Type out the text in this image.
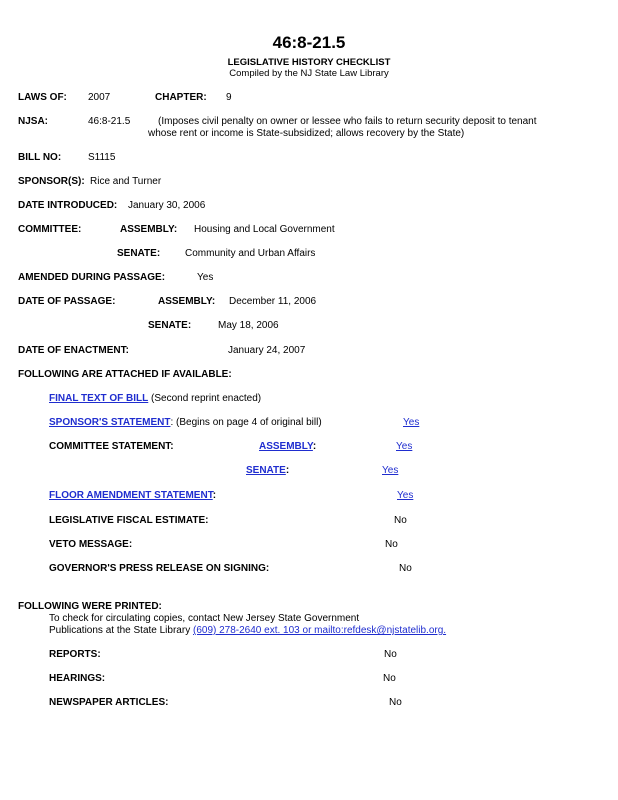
46:8-21.5
LEGISLATIVE HISTORY CHECKLIST
Compiled by the NJ State Law Library
LAWS OF: 2007	CHAPTER: 9
NJSA:	46:8-21.5	(Imposes civil penalty on owner or lessee who fails to return security deposit to tenant
whose rent or income is State-subsidized; allows recovery by the State)
BILL NO:	S1115
SPONSOR(S): Rice and Turner
DATE INTRODUCED: January 30, 2006
COMMITTEE:	ASSEMBLY: Housing and Local Government
SENATE: Community and Urban Affairs
AMENDED DURING PASSAGE:	Yes
DATE OF PASSAGE:	ASSEMBLY: December 11, 2006
SENATE:	May 18, 2006
DATE OF ENACTMENT:	January 24, 2007
FOLLOWING ARE ATTACHED IF AVAILABLE:
FINAL TEXT OF BILL (Second reprint enacted)
SPONSOR'S STATEMENT: (Begins on page 4 of original bill)	Yes
COMMITTEE STATEMENT:	ASSEMBLY:	Yes
SENATE:	Yes
FLOOR AMENDMENT STATEMENT:	Yes
LEGISLATIVE FISCAL ESTIMATE:	No
VETO MESSAGE:	No
GOVERNOR'S PRESS RELEASE ON SIGNING:	No
FOLLOWING WERE PRINTED:
To check for circulating copies, contact New Jersey State Government
Publications at the State Library (609) 278-2640 ext. 103 or mailto:refdesk@njstatelib.org.
REPORTS:	No
HEARINGS:	No
NEWSPAPER ARTICLES:	No
